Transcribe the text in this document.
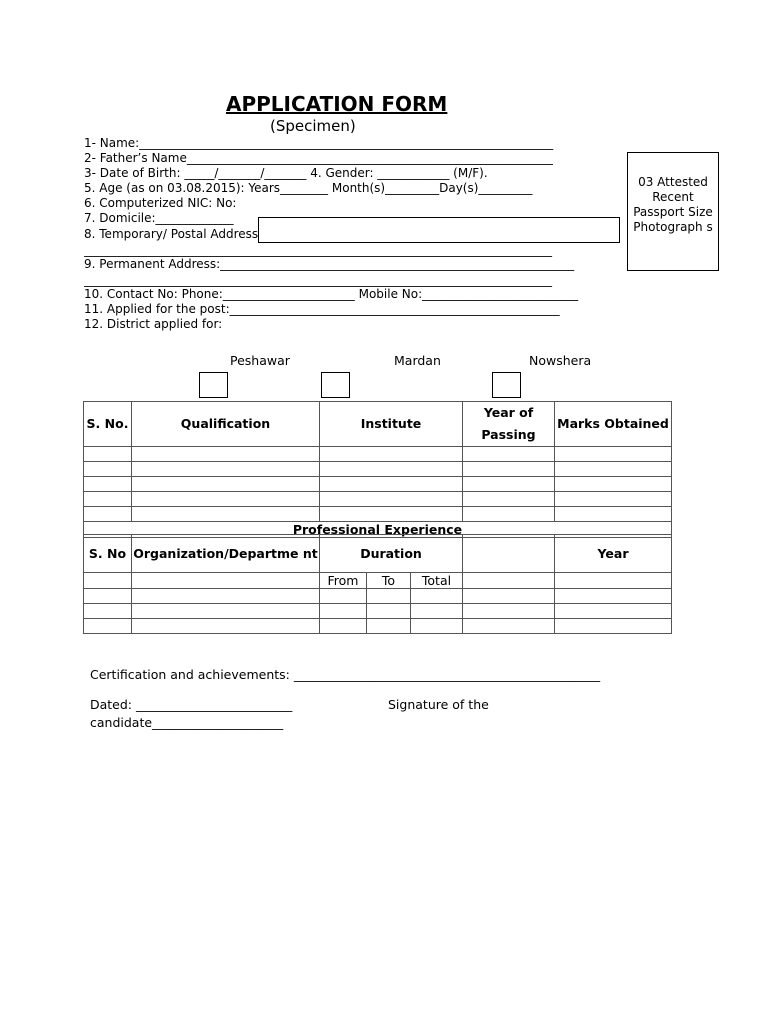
APPLICATION FORM
(Specimen)
1- Name:_____________________________________________________________________
2- Father’s Name_____________________________________________________________
3- Date of Birth: _____/_______/_______ 4. Gender: ____________ (M/F).
5. Age (as on 03.08.2015): Years________ Month(s)_________Day(s)_________
6. Computerized NIC: No:
7. Domicile:_____________
8. Temporary/ Postal Address
______________________________________________________________________________
9. Permanent Address:___________________________________________________________
______________________________________________________________________________
10. Contact No: Phone:______________________ Mobile No:__________________________
11. Applied for the post:_______________________________________________________
12. District applied for:
03 Attested Recent Passport Size Photograph s
Peshawar	Mardan	Nowshera
S. No.	Qualification	Institute	Year of Passing	Marks Obtained

Professional Experience				
S. No	Organization/Departme nt	Duration				Year
		From	To	Total		

Certification and achievements: _________________________________________________
Dated: _________________________	Signature of the
candidate_____________________
